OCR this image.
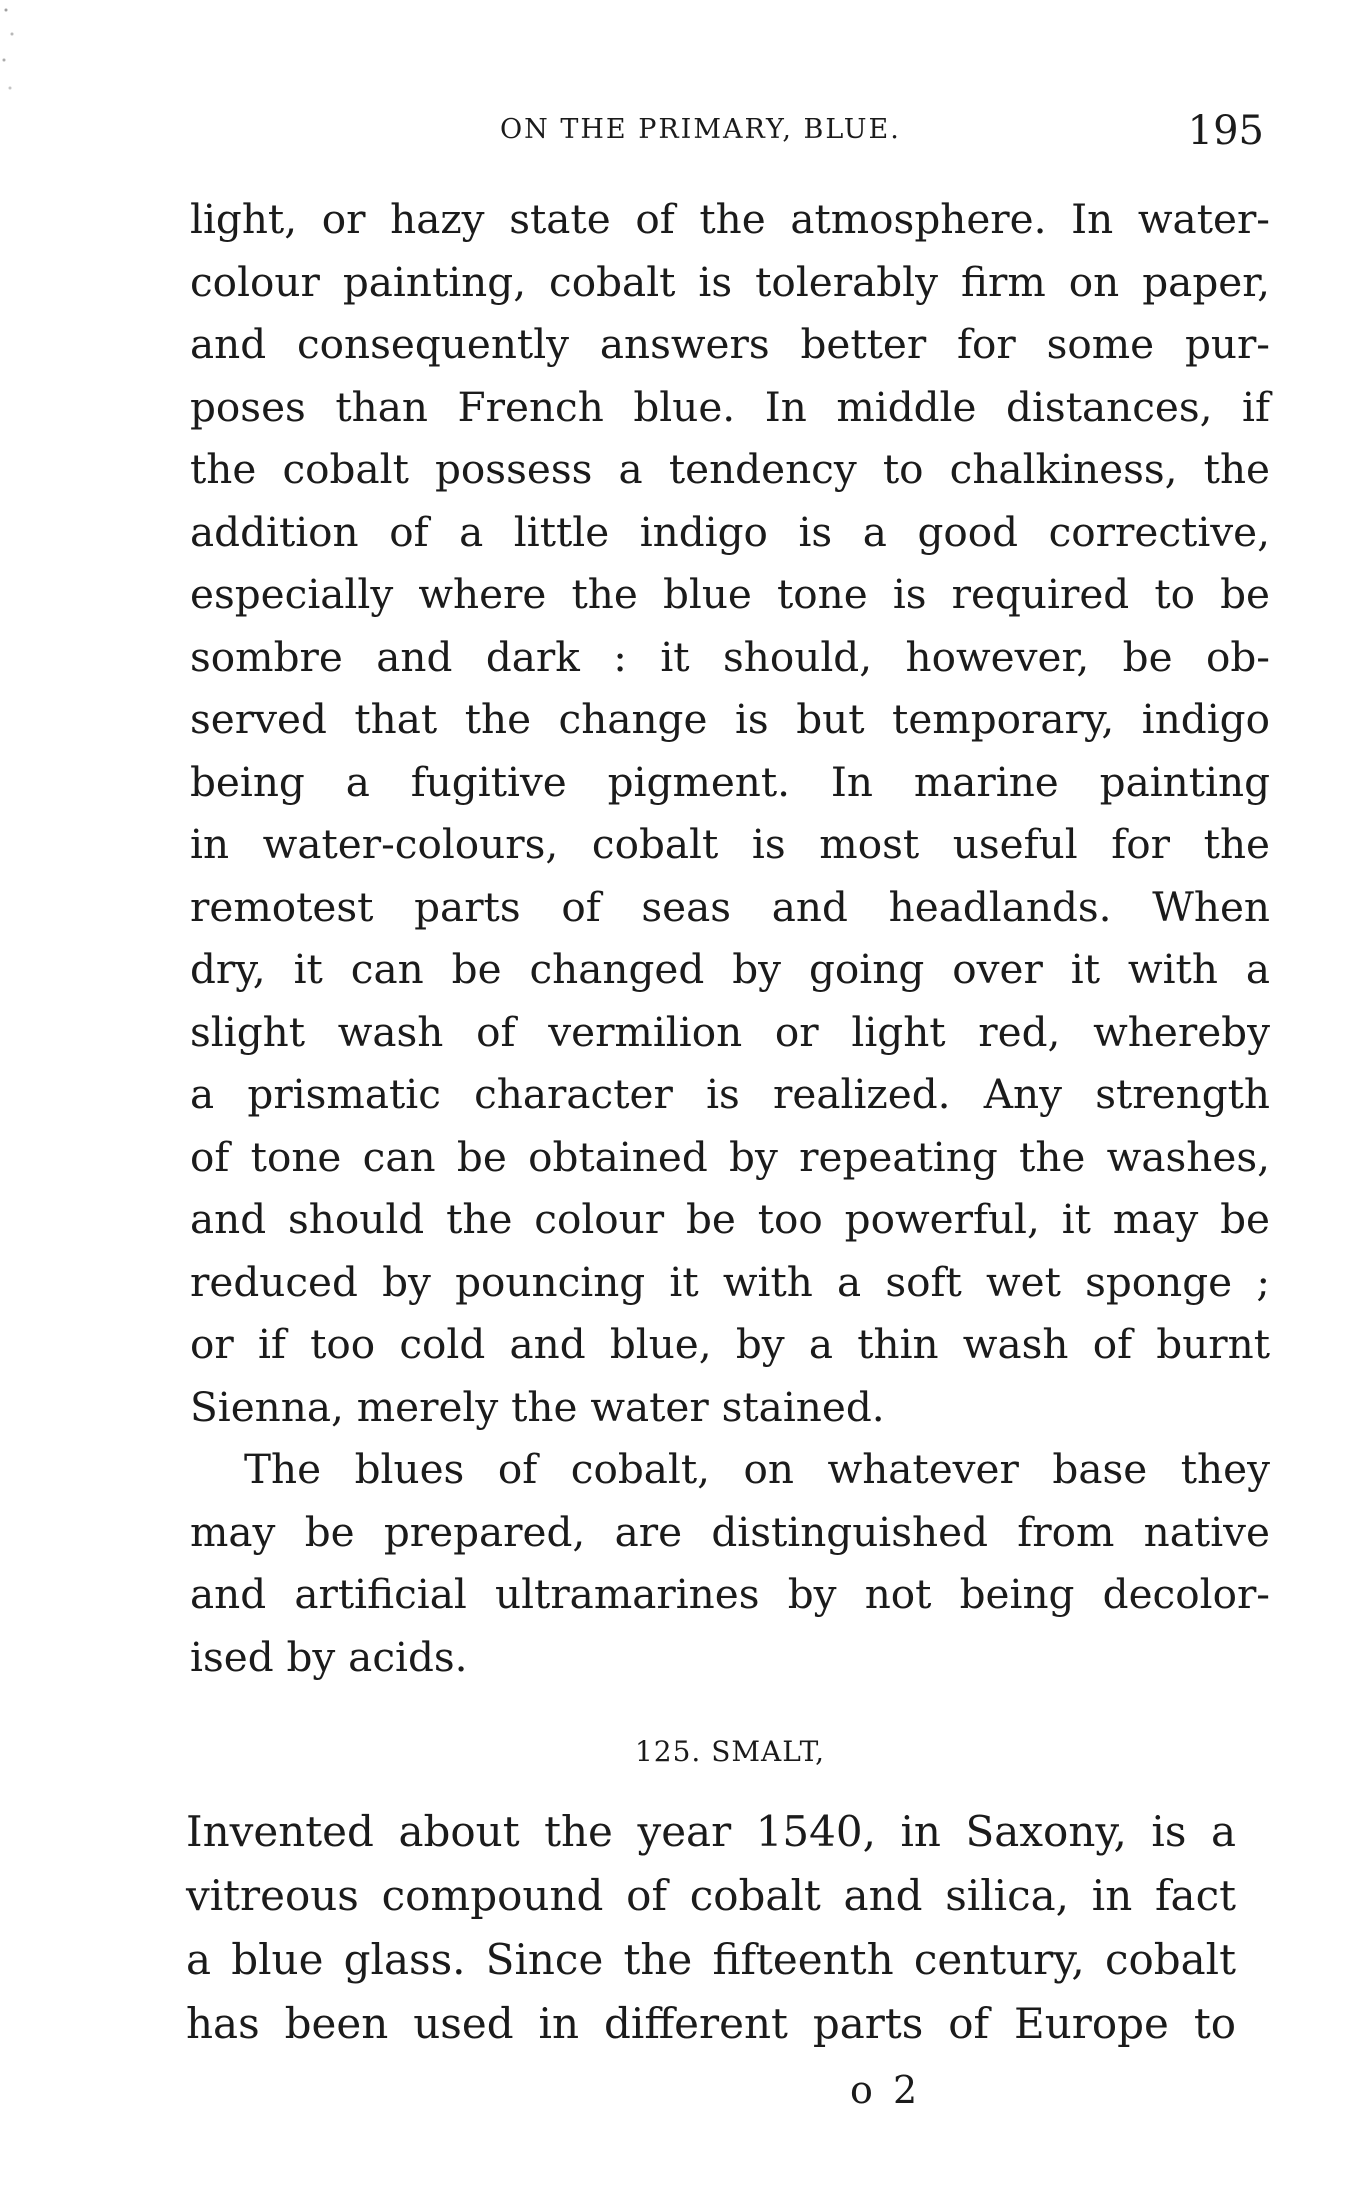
ON THE PRIMARY, BLUE.	195
light, or hazy state of the atmosphere. In water-
colour painting, cobalt is tolerably firm on paper,
and consequently answers better for some pur-
poses than French blue. In middle distances, if
the cobalt possess a tendency to chalkiness, the
addition of a little indigo is a good corrective,
especially where the blue tone is required to be
sombre and dark : it should, however, be ob-
served that the change is but temporary, indigo
being a fugitive pigment. In marine painting
in water-colours, cobalt is most useful for the
remotest parts of seas and headlands. When
dry, it can be changed by going over it with a
slight wash of vermilion or light red, whereby
a prismatic character is realized. Any strength
of tone can be obtained by repeating the washes,
and should the colour be too powerful, it may be
reduced by pouncing it with a soft wet sponge ;
or if too cold and blue, by a thin wash of burnt
Sienna, merely the water stained.
The blues of cobalt, on whatever base they
may be prepared, are distinguished from native
and artificial ultramarines by not being decolor-
ised by acids.
125. SMALT,
Invented about the year 1540, in Saxony, is a
vitreous compound of cobalt and silica, in fact
a blue glass. Since the fifteenth century, cobalt
has been used in different parts of Europe to
o 2
